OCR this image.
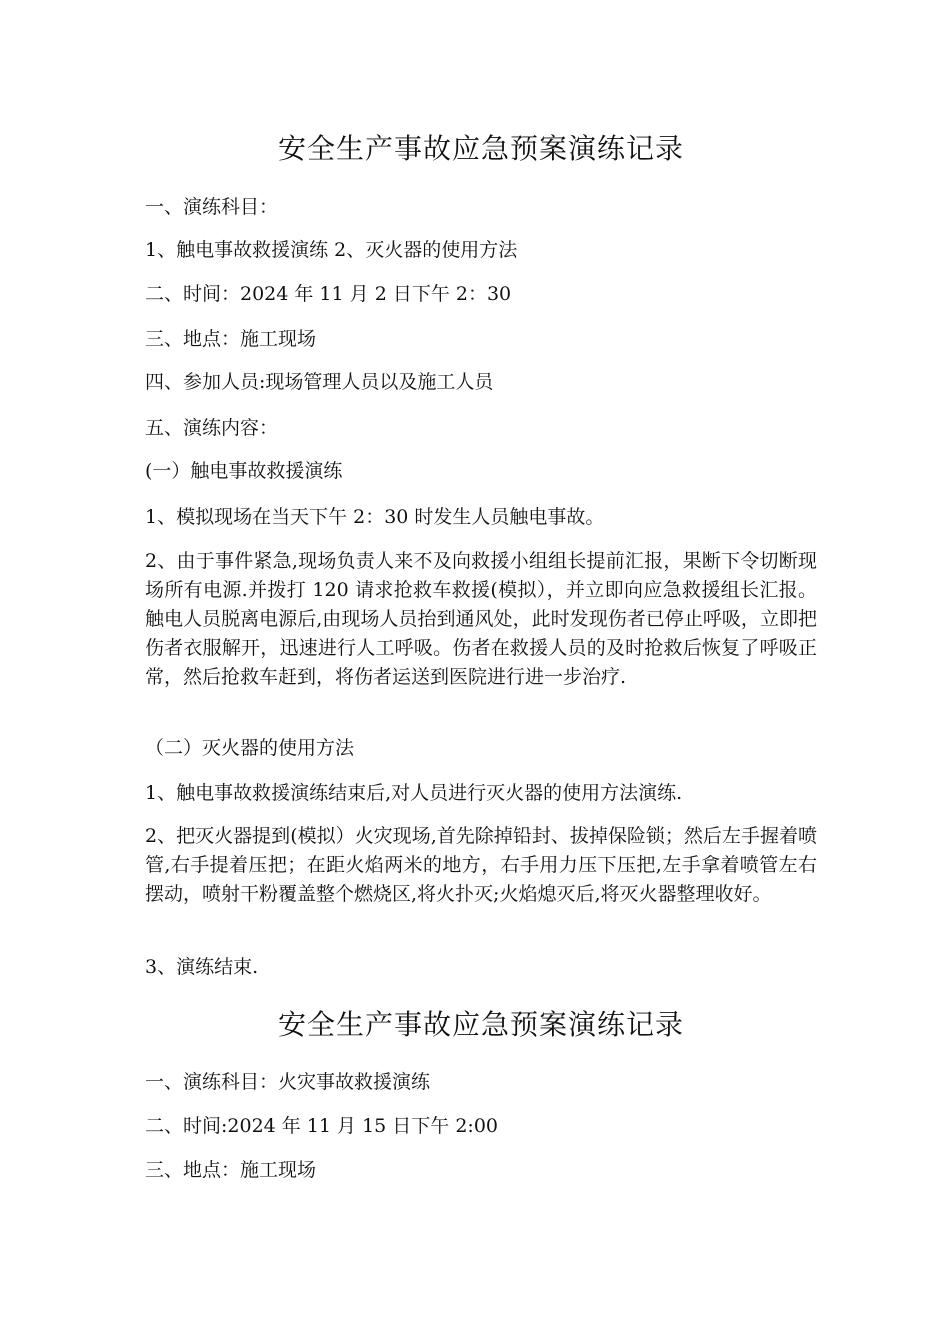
安全生产事故应急预案演练记录

一、演练科目：

1、触电事故救援演练 2、灭火器的使用方法

二、时间：2024 年 11 月 2 日下午 2：30

三、地点：施工现场

四、参加人员:现场管理人员以及施工人员

五、演练内容：

(一）触电事故救援演练

1、模拟现场在当天下午 2：30 时发生人员触电事故。

2、由于事件紧急,现场负责人来不及向救援小组组长提前汇报，果断下令切断现场所有电源.并拨打 120 请求抢救车救援(模拟），并立即向应急救援组长汇报。触电人员脱离电源后,由现场人员抬到通风处，此时发现伤者已停止呼吸，立即把伤者衣服解开，迅速进行人工呼吸。伤者在救援人员的及时抢救后恢复了呼吸正常，然后抢救车赶到，将伤者运送到医院进行进一步治疗.

（二）灭火器的使用方法

1、触电事故救援演练结束后,对人员进行灭火器的使用方法演练.

2、把灭火器提到(模拟）火灾现场,首先除掉铅封、拔掉保险锁；然后左手握着喷管,右手提着压把；在距火焰两米的地方，右手用力压下压把,左手拿着喷管左右摆动，喷射干粉覆盖整个燃烧区,将火扑灭;火焰熄灭后,将灭火器整理收好。

3、演练结束.

安全生产事故应急预案演练记录

一、演练科目：火灾事故救援演练

二、时间:2024 年 11 月 15 日下午 2:00

三、地点：施工现场
